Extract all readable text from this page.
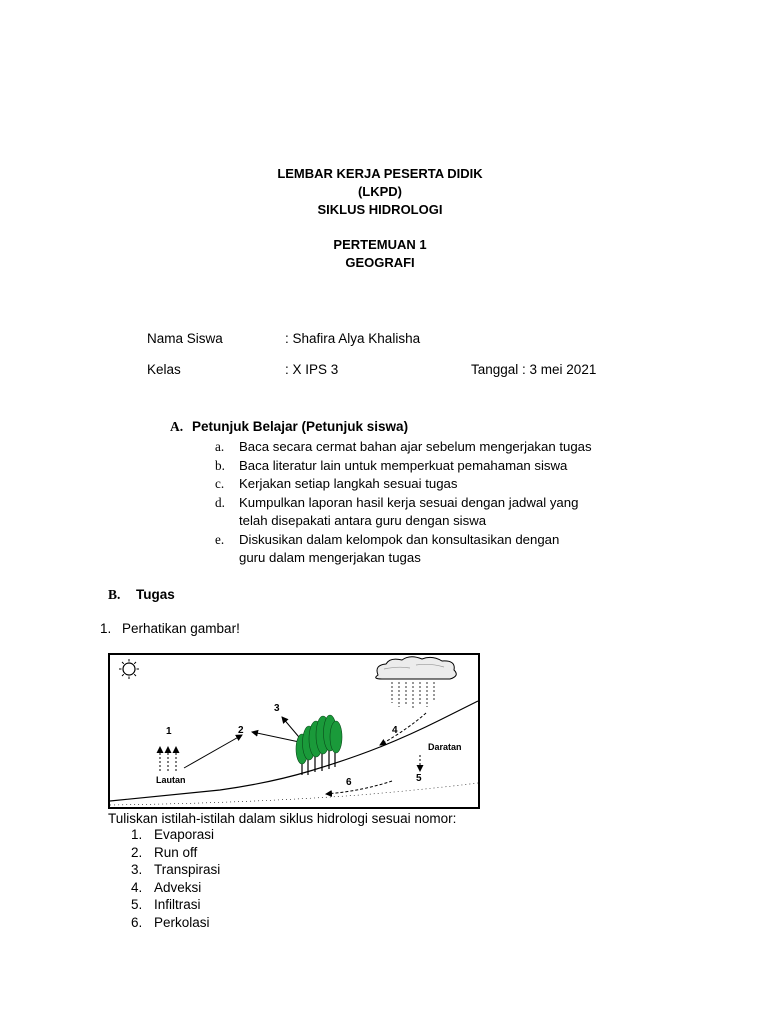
LEMBAR KERJA PESERTA DIDIK
(LKPD)
SIKLUS HIDROLOGI
PERTEMUAN 1
GEOGRAFI
Nama Siswa	: Shafira Alya Khalisha
Kelas	: X IPS 3	Tanggal : 3 mei 2021
A. Petunjuk Belajar (Petunjuk siswa)
a. Baca secara cermat bahan ajar sebelum mengerjakan tugas
b. Baca literatur lain untuk memperkuat pemahaman siswa
c. Kerjakan setiap langkah sesuai tugas
d. Kumpulkan laporan hasil kerja sesuai dengan jadwal yang
telah disepakati antara guru dengan siswa
e. Diskusikan dalam kelompok dan konsultasikan dengan
guru dalam mengerjakan tugas
B. Tugas
1. Perhatikan gambar!
1	2
3
4
5
6
Lautan
Daratan
Tuliskan istilah-istilah dalam siklus hidrologi sesuai nomor:
1. Evaporasi
2. Run off
3. Transpirasi
4. Adveksi
5. Infiltrasi
6. Perkolasi
